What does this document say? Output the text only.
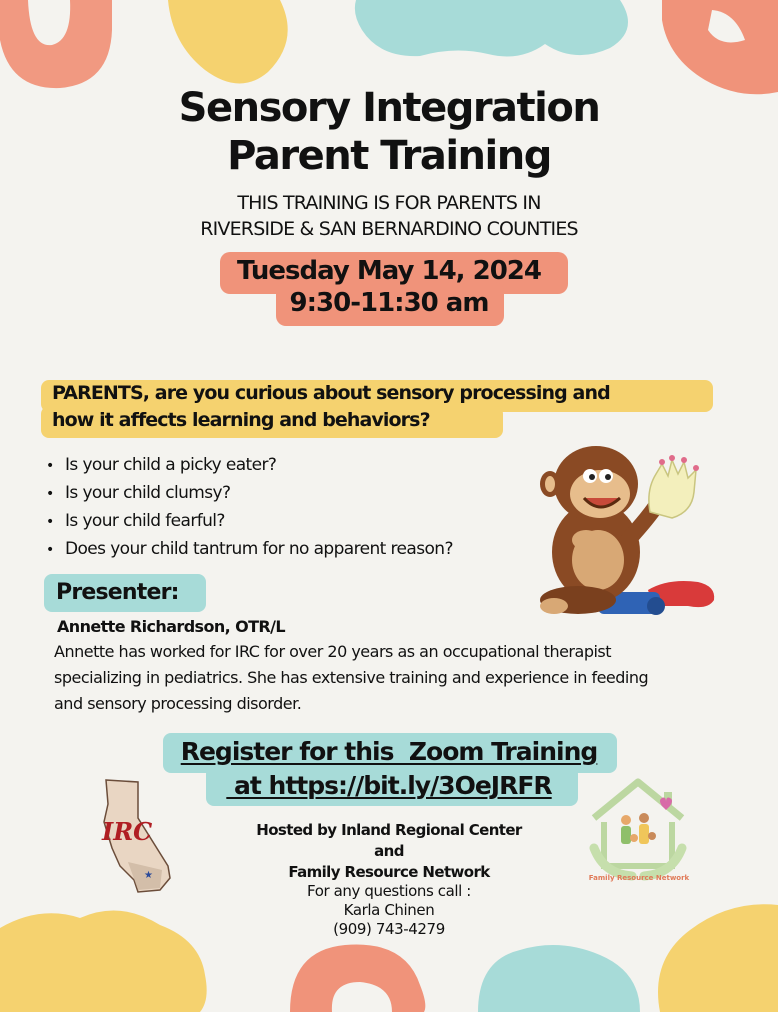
Sensory Integration
Parent Training
THIS TRAINING IS FOR PARENTS IN
RIVERSIDE & SAN BERNARDINO COUNTIES
Tuesday May 14, 2024
9:30-11:30 am
PARENTS, are you curious about sensory processing and
how it affects learning and behaviors?
• Is your child a picky eater?
• Is your child clumsy?
• Is your child fearful?
• Does your child tantrum for no apparent reason?
Presenter:
Annette Richardson, OTR/L
Annette has worked for IRC for over 20 years as an occupational therapist
specializing in pediatrics. She has extensive training and experience in feeding
and sensory processing disorder.
Register for this  Zoom Training
at https://bit.ly/3OeJRFR
IRC
★	Family Resource Network
Hosted by Inland Regional Center
and
Family Resource Network
For any questions call :
Karla Chinen
(909) 743-4279
